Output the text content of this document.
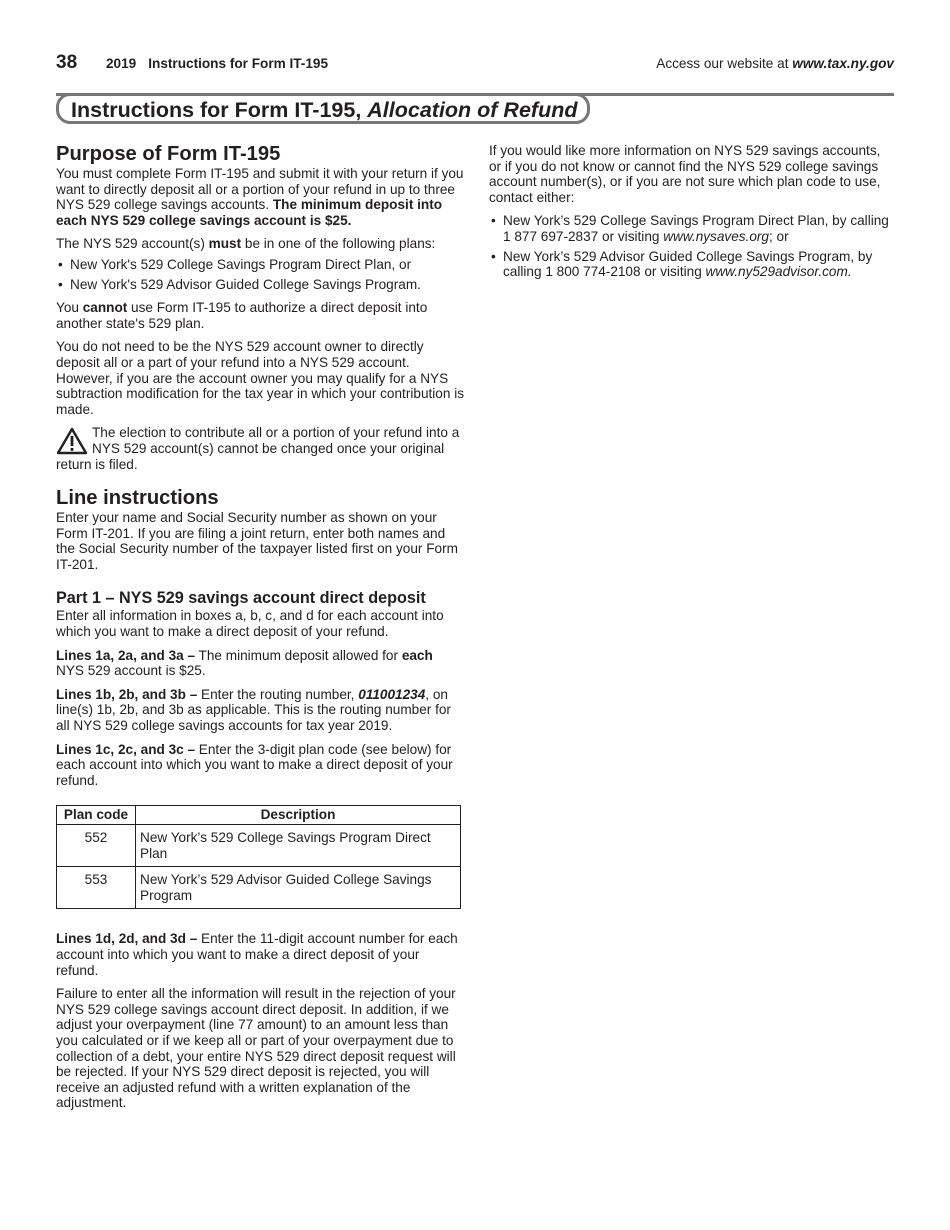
38 2019 Instructions for Form IT-195	Access our website at www.tax.ny.gov
Instructions for Form IT-195, Allocation of Refund
Purpose of Form IT-195

You must complete Form IT-195 and submit it with your return if you want to directly deposit all or a portion of your refund in up to three NYS 529 college savings accounts. The minimum deposit into each NYS 529 college savings account is $25.

The NYS 529 account(s) must be in one of the following plans:

• New York's 529 College Savings Program Direct Plan, or
• New York's 529 Advisor Guided College Savings Program.

You cannot use Form IT-195 to authorize a direct deposit into another state's 529 plan.

You do not need to be the NYS 529 account owner to directly deposit all or a part of your refund into a NYS 529 account. However, if you are the account owner you may qualify for a NYS subtraction modification for the tax year in which your contribution is made.

The election to contribute all or a portion of your refund into a NYS 529 account(s) cannot be changed once your original return is filed.
Line instructions

Enter your name and Social Security number as shown on your Form IT-201. If you are filing a joint return, enter both names and the Social Security number of the taxpayer listed first on your Form IT-201.

Part 1 – NYS 529 savings account direct deposit

Enter all information in boxes a, b, c, and d for each account into which you want to make a direct deposit of your refund.

Lines 1a, 2a, and 3a – The minimum deposit allowed for each NYS 529 account is $25.

Lines 1b, 2b, and 3b – Enter the routing number, 011001234, on line(s) 1b, 2b, and 3b as applicable. This is the routing number for all NYS 529 college savings accounts for tax year 2019.

Lines 1c, 2c, and 3c – Enter the 3-digit plan code (see below) for each account into which you want to make a direct deposit of your refund.

Plan code	Description
552	New York’s 529 College Savings Program Direct Plan
553	New York’s 529 Advisor Guided College Savings Program

Lines 1d, 2d, and 3d – Enter the 11-digit account number for each account into which you want to make a direct deposit of your refund.

Failure to enter all the information will result in the rejection of your NYS 529 college savings account direct deposit. In addition, if we adjust your overpayment (line 77 amount) to an amount less than you calculated or if we keep all or part of your overpayment due to collection of a debt, your entire NYS 529 direct deposit request will be rejected. If your NYS 529 direct deposit is rejected, you will receive an adjusted refund with a written explanation of the adjustment.

If you would like more information on NYS 529 savings accounts, or if you do not know or cannot find the NYS 529 college savings account number(s), or if you are not sure which plan code to use, contact either:

• New York’s 529 College Savings Program Direct Plan, by calling 1 877 697-2837 or visiting www.nysaves.org; or
• New York’s 529 Advisor Guided College Savings Program, by calling 1 800 774-2108 or visiting www.ny529advisor.com.
